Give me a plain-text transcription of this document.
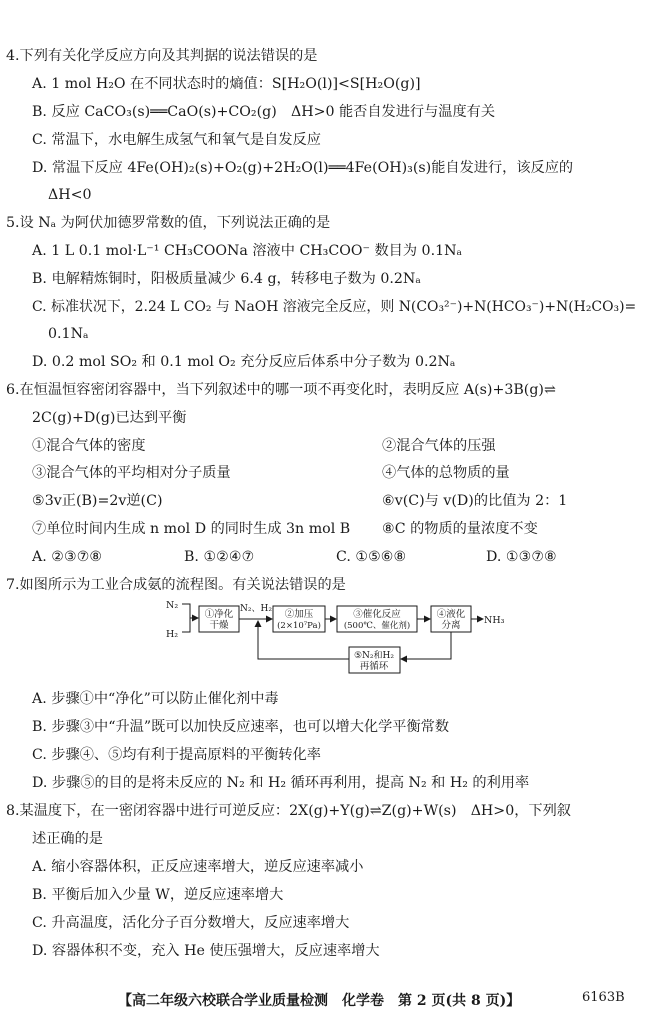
4.下列有关化学反应方向及其判据的说法错误的是
A. 1 mol H₂O 在不同状态时的熵值：S[H₂O(l)]<S[H₂O(g)]
B. 反应 CaCO₃(s)══CaO(s)+CO₂(g)　ΔH>0 能否自发进行与温度有关
C. 常温下，水电解生成氢气和氧气是自发反应
D. 常温下反应 4Fe(OH)₂(s)+O₂(g)+2H₂O(l)══4Fe(OH)₃(s)能自发进行，该反应的
ΔH<0
5.设 Nₐ 为阿伏加德罗常数的值，下列说法正确的是
A. 1 L 0.1 mol·L⁻¹ CH₃COONa 溶液中 CH₃COO⁻ 数目为 0.1Nₐ
B. 电解精炼铜时，阳极质量减少 6.4 g，转移电子数为 0.2Nₐ
C. 标准状况下，2.24 L CO₂ 与 NaOH 溶液完全反应，则 N(CO₃²⁻)+N(HCO₃⁻)+N(H₂CO₃)=
0.1Nₐ
D. 0.2 mol SO₂ 和 0.1 mol O₂ 充分反应后体系中分子数为 0.2Nₐ
6.在恒温恒容密闭容器中，当下列叙述中的哪一项不再变化时，表明反应 A(s)+3B(g)⇌
2C(g)+D(g)已达到平衡
①混合气体的密度	②混合气体的压强
③混合气体的平均相对分子质量	④气体的总物质的量
⑤3v正(B)=2v逆(C)	⑥v(C)与 v(D)的比值为 2：1
⑦单位时间内生成 n mol D 的同时生成 3n mol B ⑧C 的物质的量浓度不变
A. ②③⑦⑧	B. ①②④⑦	C. ①⑤⑥⑧	D. ①③⑦⑧
7.如图所示为工业合成氨的流程图。有关说法错误的是
N₂
H₂
①净化
干燥
N₂、H₂ ②加压
(2×10⁷Pa)
③催化反应
(500℃、催化剂)
④液化
分离 NH₃
⑤N₂和H₂
再循环
A. 步骤①中“净化”可以防止催化剂中毒
B. 步骤③中“升温”既可以加快反应速率，也可以增大化学平衡常数
C. 步骤④、⑤均有利于提高原料的平衡转化率
D. 步骤⑤的目的是将未反应的 N₂ 和 H₂ 循环再利用，提高 N₂ 和 H₂ 的利用率
8.某温度下，在一密闭容器中进行可逆反应：2X(g)+Y(g)⇌Z(g)+W(s)　ΔH>0，下列叙
述正确的是
A. 缩小容器体积，正反应速率增大，逆反应速率减小
B. 平衡后加入少量 W，逆反应速率增大
C. 升高温度，活化分子百分数增大，反应速率增大
D. 容器体积不变，充入 He 使压强增大，反应速率增大
【高二年级六校联合学业质量检测　化学卷　第 2 页(共 8 页)】	6163B
